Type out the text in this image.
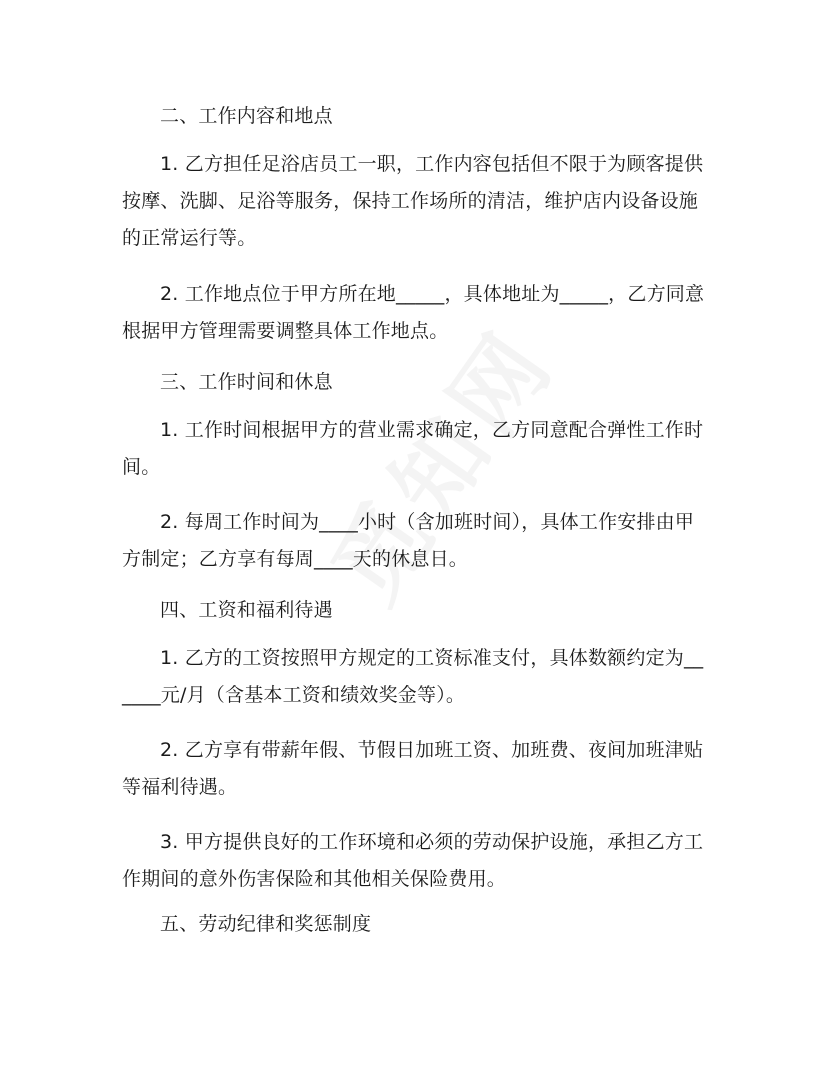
二、工作内容和地点

1. 乙方担任足浴店员工一职，工作内容包括但不限于为顾客提供按摩、洗脚、足浴等服务，保持工作场所的清洁，维护店内设备设施的正常运行等。

2. 工作地点位于甲方所在地_____，具体地址为_____，乙方同意根据甲方管理需要调整具体工作地点。

三、工作时间和休息

1. 工作时间根据甲方的营业需求确定，乙方同意配合弹性工作时间。

2. 每周工作时间为____小时（含加班时间），具体工作安排由甲方制定；乙方享有每周____天的休息日。

四、工资和福利待遇

1. 乙方的工资按照甲方规定的工资标准支付，具体数额约定为______元/月（含基本工资和绩效奖金等）。

2. 乙方享有带薪年假、节假日加班工资、加班费、夜间加班津贴等福利待遇。

3. 甲方提供良好的工作环境和必须的劳动保护设施，承担乙方工作期间的意外伤害保险和其他相关保险费用。

五、劳动纪律和奖惩制度
